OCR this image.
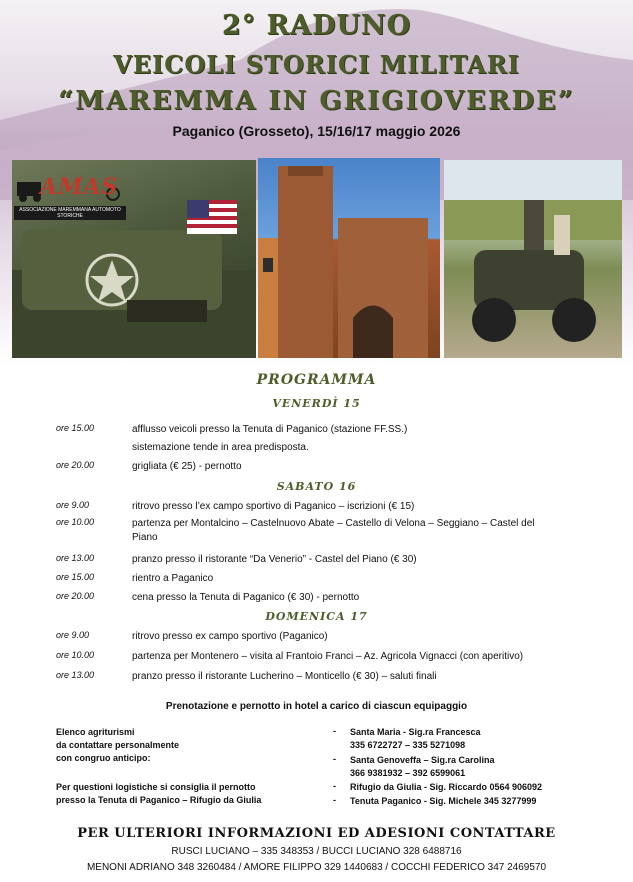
2° RADUNO
VEICOLI STORICI MILITARI
“MAREMMA IN GRIGIOVERDE”
Paganico (Grosseto), 15/16/17 maggio 2026
AMAS
ASSOCIAZIONE MAREMMANA AUTOMOTO STORICHE
PROGRAMMA
VENERDÌ 15
ore 15.00	afflusso veicoli presso la Tenuta di Paganico (stazione FF.SS.)
sistemazione tende in area predisposta.
ore 20.00	grigliata (€ 25) - pernotto
SABATO 16
ore 9.00	ritrovo presso l’ex campo sportivo di Paganico – iscrizioni (€ 15)
ore 10.00	partenza per Montalcino – Castelnuovo Abate – Castello di Velona – Seggiano – Castel del
Piano
ore 13.00	pranzo presso il ristorante “Da Venerio” - Castel del Piano (€ 30)
ore 15.00	rientro a Paganico
ore 20.00	cena presso la Tenuta di Paganico (€ 30) - pernotto
DOMENICA 17
ore 9.00	ritrovo presso ex campo sportivo (Paganico)
ore 10.00	partenza per Montenero – visita al Frantoio Franci – Az. Agricola Vignacci (con aperitivo)
ore 13.00	pranzo presso il ristorante Lucherino – Monticello (€ 30) – saluti finali
Prenotazione e pernotto in hotel a carico di ciascun equipaggio
Elenco agriturismi
da contattare personalmente
con congruo anticipo:
Per questioni logistiche si consiglia il pernotto
presso la Tenuta di Paganico – Rifugio da Giulia
- Santa Maria - Sig.ra Francesca
335 6722727 – 335 5271098
- Santa Genoveffa – Sig.ra Carolina
366 9381932 – 392 6599061
- Rifugio da Giulia - Sig. Riccardo 0564 906092
- Tenuta Paganico - Sig. Michele 345 3277999
PER ULTERIORI INFORMAZIONI ED ADESIONI CONTATTARE
RUSCI LUCIANO – 335 348353 / BUCCI LUCIANO 328 6488716
MENONI ADRIANO 348 3260484 / AMORE FILIPPO 329 1440683 / COCCHI FEDERICO 347 2469570
